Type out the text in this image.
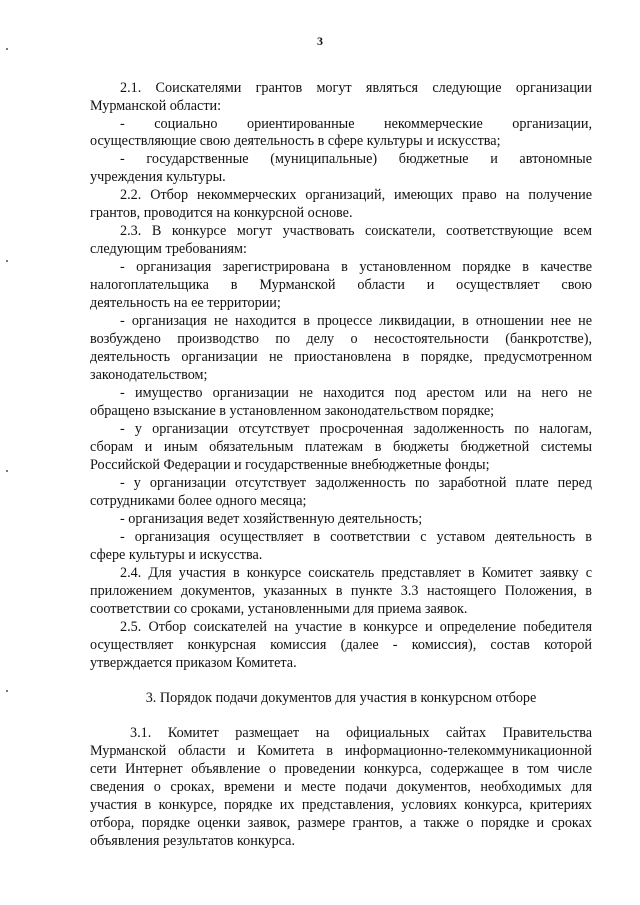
3
2.1. Соискателями грантов могут являться следующие организации
Мурманской области:
- социально ориентированные некоммерческие организации,
осуществляющие свою деятельность в сфере культуры и искусства;
- государственные (муниципальные) бюджетные и автономные
учреждения культуры.
2.2. Отбор некоммерческих организаций, имеющих право на получение
грантов, проводится на конкурсной основе.
2.3. В конкурсе могут участвовать соискатели, соответствующие всем
следующим требованиям:
- организация зарегистрирована в установленном порядке в качестве
налогоплательщика в Мурманской области и осуществляет свою
деятельность на ее территории;
- организация не находится в процессе ликвидации, в отношении нее не
возбуждено производство по делу о несостоятельности (банкротстве),
деятельность организации не приостановлена в порядке, предусмотренном
законодательством;
- имущество организации не находится под арестом или на него не
обращено взыскание в установленном законодательством порядке;
- у организации отсутствует просроченная задолженность по налогам,
сборам и иным обязательным платежам в бюджеты бюджетной системы
Российской Федерации и государственные внебюджетные фонды;
- у организации отсутствует задолженность по заработной плате перед
сотрудниками более одного месяца;
- организация ведет хозяйственную деятельность;
- организация осуществляет в соответствии с уставом деятельность в
сфере культуры и искусства.
2.4. Для участия в конкурсе соискатель представляет в Комитет заявку с
приложением документов, указанных в пункте 3.3 настоящего Положения, в
соответствии со сроками, установленными для приема заявок.
2.5. Отбор соискателей на участие в конкурсе и определение победителя
осуществляет конкурсная комиссия (далее - комиссия), состав которой
утверждается приказом Комитета.
3. Порядок подачи документов для участия в конкурсном отборе
3.1. Комитет размещает на официальных сайтах Правительства
Мурманской области и Комитета в информационно-телекоммуникационной
сети Интернет объявление о проведении конкурса, содержащее в том числе
сведения о сроках, времени и месте подачи документов, необходимых для
участия в конкурсе, порядке их представления, условиях конкурса, критериях
отбора, порядке оценки заявок, размере грантов, а также о порядке и сроках
объявления результатов конкурса.
